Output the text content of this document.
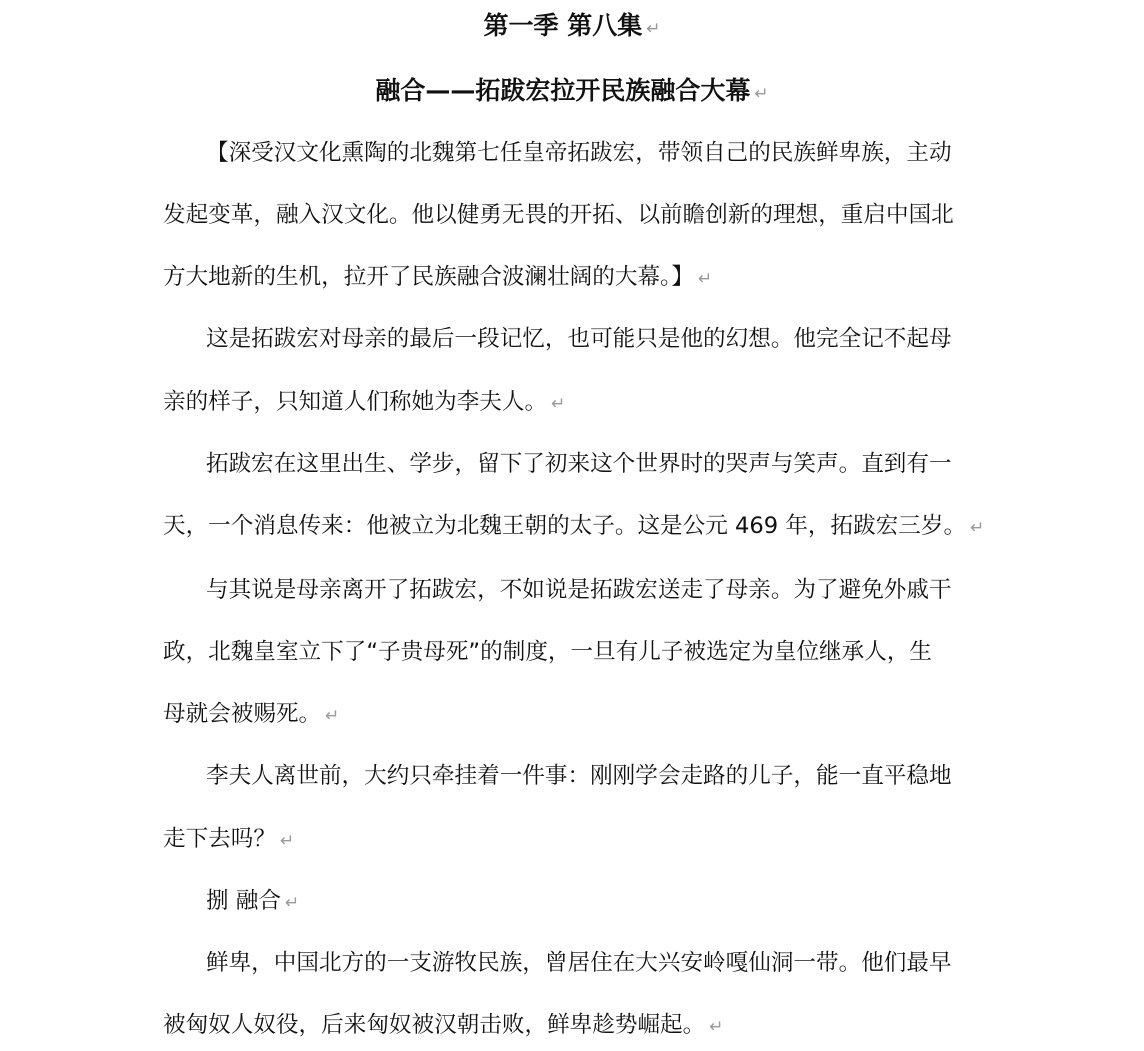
第一季 第八集 ↵
融合——拓跋宏拉开民族融合大幕 ↵
【深受汉文化熏陶的北魏第七任皇帝拓跋宏，带领自己的民族鲜卑族，主动
发起变革，融入汉文化。他以健勇无畏的开拓、以前瞻创新的理想，重启中国北
方大地新的生机，拉开了民族融合波澜壮阔的大幕。】 ↵
这是拓跋宏对母亲的最后一段记忆，也可能只是他的幻想。他完全记不起母
亲的样子，只知道人们称她为李夫人。 ↵
拓跋宏在这里出生、学步，留下了初来这个世界时的哭声与笑声。直到有一
天，一个消息传来：他被立为北魏王朝的太子。这是公元 469 年，拓跋宏三岁。 ↵
与其说是母亲离开了拓跋宏，不如说是拓跋宏送走了母亲。为了避免外戚干
政，北魏皇室立下了“子贵母死”的制度，一旦有儿子被选定为皇位继承人，生
母就会被赐死。 ↵
李夫人离世前，大约只牵挂着一件事：刚刚学会走路的儿子，能一直平稳地
走下去吗？ ↵
捌 融合 ↵
鲜卑，中国北方的一支游牧民族，曾居住在大兴安岭嘎仙洞一带。他们最早
被匈奴人奴役，后来匈奴被汉朝击败，鲜卑趁势崛起。 ↵
